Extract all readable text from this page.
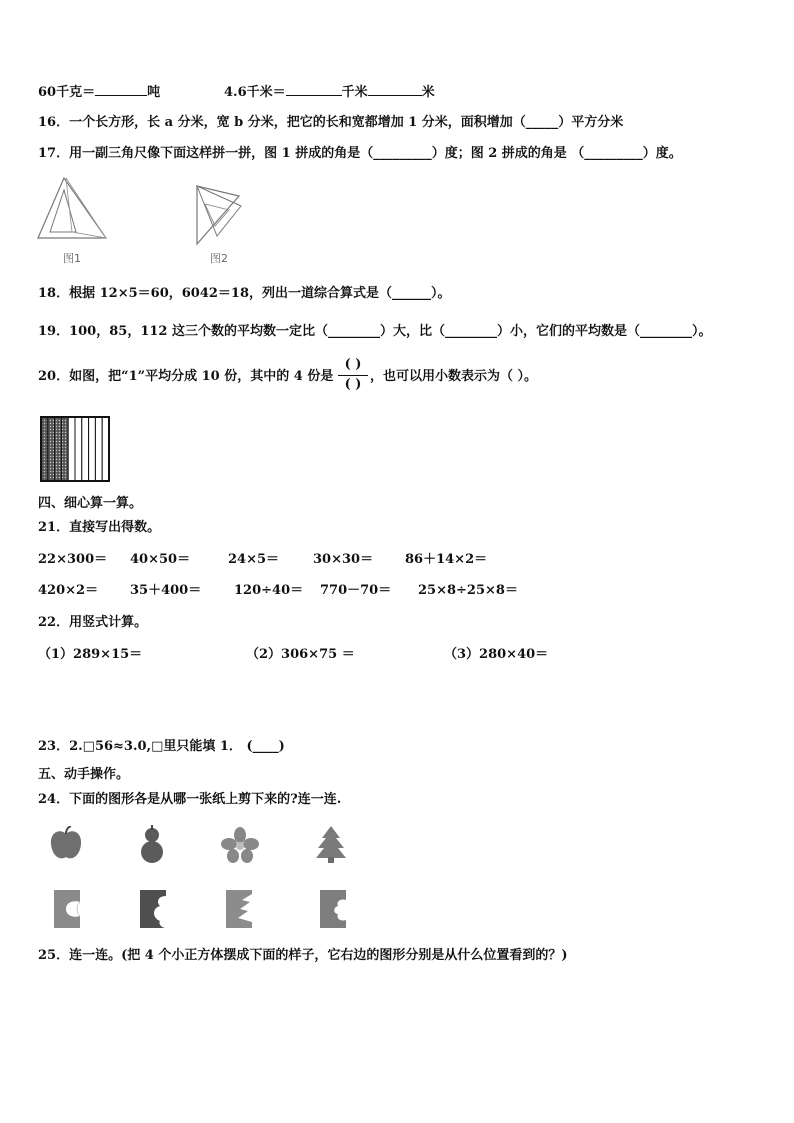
60千克＝	吨	4.6千米＝	千米	米
16．一个长方形，长 a 分米，宽 b 分米，把它的长和宽都增加 1 分米，面积增加（_____）平方分米
17．用一副三角尺像下面这样拼一拼，图 1 拼成的角是（_________）度；图 2 拼成的角是 （_________）度。
图1	图2
18．根据 12×5＝60，6042＝18，列出一道综合算式是（______）。
19．100，85，112 这三个数的平均数一定比（________）大，比（________）小，它们的平均数是（________）。
20．如图，把“1”平均分成 10 份，其中的 4 份是
( )
( )
，也可以用小数表示为（ ）。
四、细心算一算。
21．直接写出得数。
22×300＝ 40×50＝	24×5＝	30×30＝ 86＋14×2＝
420×2＝ 35＋400＝	120÷40＝ 770－70＝ 25×8÷25×8＝
22．用竖式计算。
（1）289×15＝	（2）306×75 ＝	（3）280×40＝
23．2.□56≈3.0,□里只能填 1． (____)
五、动手操作。
24．下面的图形各是从哪一张纸上剪下来的?连一连.
25．连一连。(把 4 个小正方体摆成下面的样子，它右边的图形分别是从什么位置看到的？)
